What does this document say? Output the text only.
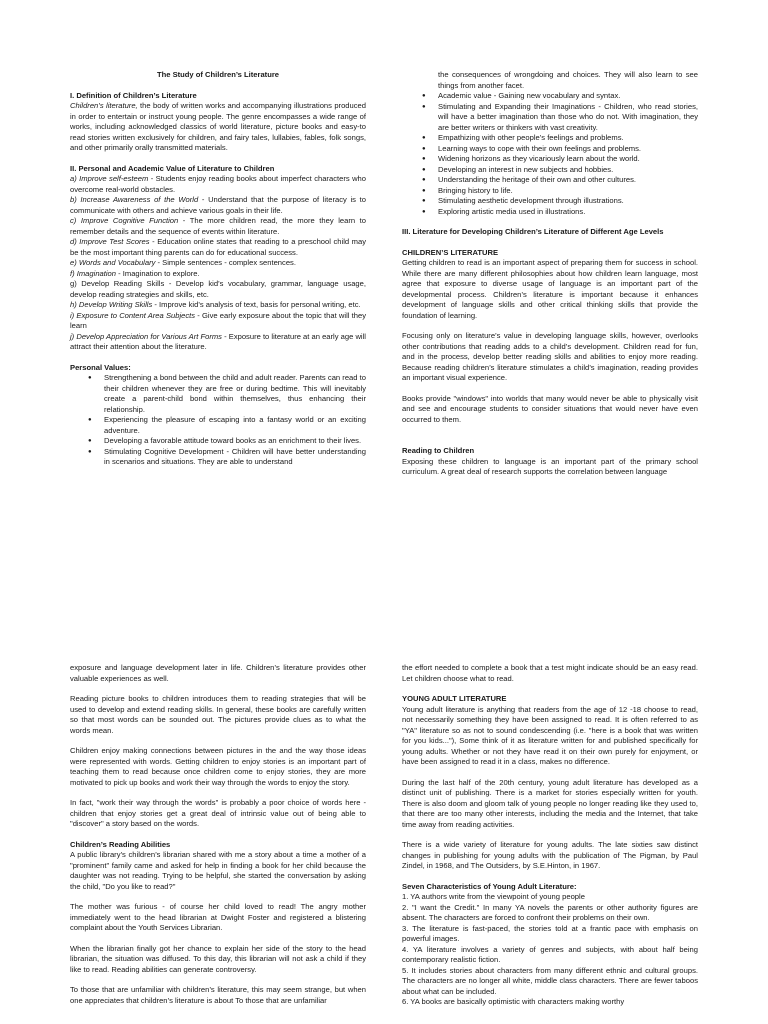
The Study of Children’s Literature

I. Definition of Children’s Literature

Children’s literature, the body of written works and accompanying illustrations produced in order to entertain or instruct young people. The genre encompasses a wide range of works, including acknowledged classics of world literature, picture books and easy-to read stories written exclusively for children, and fairy tales, lullabies, fables, folk songs, and other primarily orally transmitted materials.

II. Personal and Academic Value of Literature to Children

a) Improve self-esteem - Students enjoy reading books about imperfect characters who overcome real-world obstacles.

b) Increase Awareness of the World - Understand that the purpose of literacy is to communicate with others and achieve various goals in their life.

c) Improve Cognitive Function - The more children read, the more they learn to remember details and the sequence of events within literature.

d) Improve Test Scores - Education online states that reading to a preschool child may be the most important thing parents can do for educational success.

e) Words and Vocabulary - Simple sentences - complex sentences.

f) Imagination - Imagination to explore.

g) Develop Reading Skills - Develop kid’s vocabulary, grammar, language usage, develop reading strategies and skills, etc.

h) Develop Writing Skills - Improve kid’s analysis of text, basis for personal writing, etc.

i) Exposure to Content Area Subjects - Give early exposure about the topic that will they learn

j) Develop Appreciation for Various Art Forms - Exposure to literature at an early age will attract their attention about the literature.

Personal Values:

● Strengthening a bond between the child and adult reader. Parents can read to their children whenever they are free or during bedtime. This will inevitably create a parent-child bond within themselves, thus enhancing their relationship.
● Experiencing the pleasure of escaping into a fantasy world or an exciting adventure.
● Developing a favorable attitude toward books as an enrichment to their lives.
● Stimulating Cognitive Development - Children will have better understanding in scenarios and situations. They are able to understand

the consequences of wrongdoing and choices. They will also learn to see things from another facet.

● Academic value - Gaining new vocabulary and syntax.
● Stimulating and Expanding their Imaginations - Children, who read stories, will have a better imagination than those who do not. With imagination, they are better writers or thinkers with vast creativity.
● Empathizing with other people’s feelings and problems.
● Learning ways to cope with their own feelings and problems.
● Widening horizons as they vicariously learn about the world.
● Developing an interest in new subjects and hobbies.
● Understanding the heritage of their own and other cultures.
● Bringing history to life.
● Stimulating aesthetic development through illustrations.
● Exploring artistic media used in illustrations.

III. Literature for Developing Children’s Literature of Different Age Levels

CHILDREN’S LITERATURE

Getting children to read is an important aspect of preparing them for success in school. While there are many different philosophies about how children learn language, most agree that exposure to diverse usage of language is an important part of the developmental process. Children’s literature is important because it enhances development of language skills and other critical thinking skills that provide the foundation of learning.

Focusing only on literature’s value in developing language skills, however, overlooks other contributions that reading adds to a child’s development. Children read for fun, and in the process, develop better reading skills and abilities to enjoy more reading. Because reading children’s literature stimulates a child’s imagination, reading provides an important visual experience.

Books provide "windows" into worlds that many would never be able to physically visit and see and encourage students to consider situations that would never have even occurred to them.

Reading to Children

Exposing these children to language is an important part of the primary school curriculum. A great deal of research supports the correlation between language

exposure and language development later in life. Children’s literature provides other valuable experiences as well.

Reading picture books to children introduces them to reading strategies that will be used to develop and extend reading skills. In general, these books are carefully written so that most words can be sounded out. The pictures provide clues as to what the words mean.

Children enjoy making connections between pictures in the and the way those ideas were represented with words. Getting children to enjoy stories is an important part of teaching them to read because once children come to enjoy stories, they are more motivated to pick up books and work their way through the words to enjoy the story.

In fact, "work their way through the words" is probably a poor choice of words here - children that enjoy stories get a great deal of intrinsic value out of being able to "discover" a story based on the words.

Children’s Reading Abilities

A public library’s children’s librarian shared with me a story about a time a mother of a "prominent" family came and asked for help in finding a book for her child because the daughter was not reading. Trying to be helpful, she started the conversation by asking the child, "Do you like to read?"

The mother was furious - of course her child loved to read! The angry mother immediately went to the head librarian at Dwight Foster and registered a blistering complaint about the Youth Services Librarian.

When the librarian finally got her chance to explain her side of the story to the head librarian, the situation was diffused. To this day, this librarian will not ask a child if they like to read. Reading abilities can generate controversy.

To those that are unfamiliar with children’s literature, this may seem strange, but when one appreciates that children’s literature is about To those that are unfamiliar

the effort needed to complete a book that a test might indicate should be an easy read. Let children choose what to read.

YOUNG ADULT LITERATURE

Young adult literature is anything that readers from the age of 12 -18 choose to read, not necessarily something they have been assigned to read. It is often referred to as "YA" literature so as not to sound condescending (i.e. "here is a book that was written for you kids..."), Some think of it as literature written for and published specifically for young adults. Whether or not they have read it on their own purely for enjoyment, or have been assigned to read it in a class, makes no difference.

During the last half of the 20th century, young adult literature has developed as a distinct unit of publishing. There is a market for stories especially written for youth. There is also doom and gloom talk of young people no longer reading like they used to, that there are too many other interests, including the media and the Internet, that take time away from reading activities.

There is a wide variety of literature for young adults. The late sixties saw distinct changes in publishing for young adults with the publication of The Pigman, by Paul Zindel, in 1968, and The Outsiders, by S.E.Hinton, in 1967.

Seven Characteristics of Young Adult Literature:

1. YA authors write from the viewpoint of young people

2. "I want the Credit." In many YA novels the parents or other authority figures are absent. The characters are forced to confront their problems on their own.

3. The literature is fast-paced, the stories told at a frantic pace with emphasis on powerful images.

4. YA literature involves a variety of genres and subjects, with about half being contemporary realistic fiction.

5. It includes stories about characters from many different ethnic and cultural groups. The characters are no longer all white, middle class characters. There are fewer taboos about what can be included.

6. YA books are basically optimistic with characters making worthy
